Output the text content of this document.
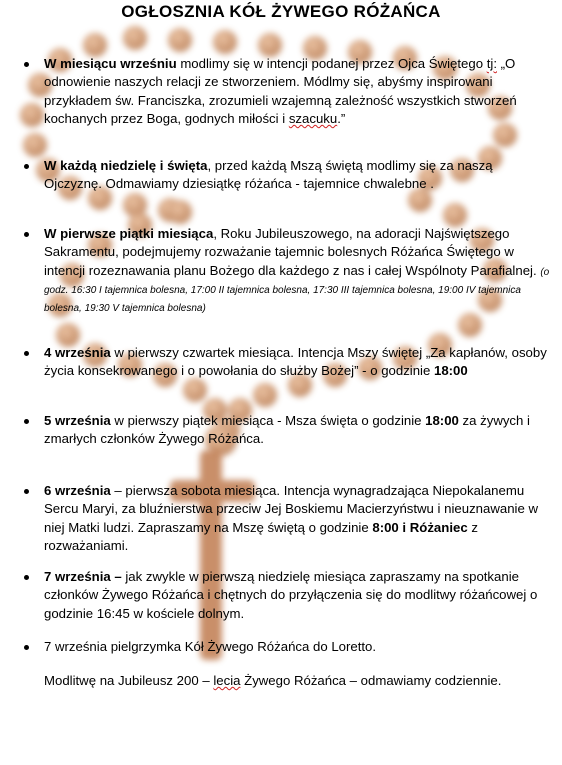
OGŁOSZNIA KÓŁ ŻYWEGO RÓŻAŃCA
W miesiącu wrześniu modlimy się w intencji podanej przez Ojca Świętego tj: „O odnowienie naszych relacji ze stworzeniem. Módlmy się, abyśmy inspirowani przykładem św. Franciszka, zrozumieli wzajemną zależność wszystkich stworzeń kochanych przez Boga, godnych miłości i szacuku.”
W każdą niedzielę i święta, przed każdą Mszą świętą modlimy się za naszą Ojczyznę. Odmawiamy dziesiątkę różańca - tajemnice chwalebne .
W pierwsze piątki miesiąca, Roku Jubileuszowego, na adoracji Najświętszego Sakramentu, podejmujemy rozważanie tajemnic bolesnych Różańca Świętego w intencji rozeznawania planu Bożego dla każdego z nas i całej Wspólnoty Parafialnej. (o godz. 16:30 I tajemnica bolesna, 17:00 II tajemnica bolesna, 17:30 III tajemnica bolesna, 19:00 IV tajemnica bolesna, 19:30 V tajemnica bolesna)
4 września w pierwszy czwartek miesiąca. Intencja Mszy świętej „Za kapłanów, osoby życia konsekrowanego i o powołania do służby Bożej” - o godzinie 18:00
5 września w pierwszy piątek miesiąca - Msza święta o godzinie 18:00 za żywych i zmarłych członków Żywego Różańca.
6 września – pierwsza sobota miesiąca. Intencja wynagradzająca Niepokalanemu Sercu Maryi, za bluźnierstwa przeciw Jej Boskiemu Macierzyństwu i nieuznawanie w niej Matki ludzi. Zapraszamy na Mszę świętą o godzinie 8:00 i Różaniec z rozważaniami.
7 września – jak zwykle w pierwszą niedzielę miesiąca zapraszamy na spotkanie członków Żywego Różańca i chętnych do przyłączenia się do modlitwy różańcowej o godzinie 16:45 w kościele dolnym.
7 września pielgrzymka Kół Żywego Różańca do Loretto.
Modlitwę na Jubileusz 200 – lecia Żywego Różańca – odmawiamy codziennie.
